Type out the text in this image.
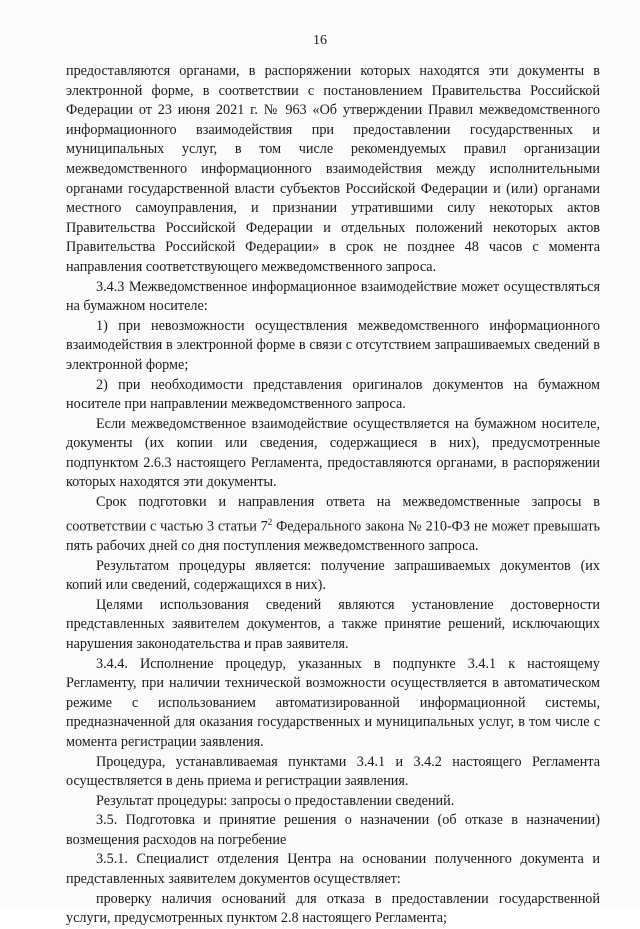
16

предоставляются органами, в распоряжении которых находятся эти документы в электронной форме, в соответствии с постановлением Правительства Российской Федерации от 23 июня 2021 г. № 963 «Об утверждении Правил межведомственного информационного взаимодействия при предоставлении государственных и муниципальных услуг, в том числе рекомендуемых правил организации межведомственного информационного взаимодействия между исполнительными органами государственной власти субъектов Российской Федерации и (или) органами местного самоуправления, и признании утратившими силу некоторых актов Правительства Российской Федерации и отдельных положений некоторых актов Правительства Российской Федерации» в срок не позднее 48 часов с момента направления соответствующего межведомственного запроса.

3.4.3 Межведомственное информационное взаимодействие может осуществляться на бумажном носителе:

1) при невозможности осуществления межведомственного информационного взаимодействия в электронной форме в связи с отсутствием запрашиваемых сведений в электронной форме;

2) при необходимости представления оригиналов документов на бумажном носителе при направлении межведомственного запроса.

Если межведомственное взаимодействие осуществляется на бумажном носителе, документы (их копии или сведения, содержащиеся в них), предусмотренные подпунктом 2.6.3 настоящего Регламента, предоставляются органами, в распоряжении которых находятся эти документы.

Срок подготовки и направления ответа на межведомственные запросы в соответствии с частью 3 статьи $7^2$ Федерального закона № 210-ФЗ не может превышать пять рабочих дней со дня поступления межведомственного запроса.

Результатом процедуры является: получение запрашиваемых документов (их копий или сведений, содержащихся в них).

Целями использования сведений являются установление достоверности представленных заявителем документов, а также принятие решений, исключающих нарушения законодательства и прав заявителя.

3.4.4. Исполнение процедур, указанных в подпункте 3.4.1 к настоящему Регламенту, при наличии технической возможности осуществляется в автоматическом режиме с использованием автоматизированной информационной системы, предназначенной для оказания государственных и муниципальных услуг, в том числе с момента регистрации заявления.

Процедура, устанавливаемая пунктами 3.4.1 и 3.4.2 настоящего Регламента осуществляется в день приема и регистрации заявления.

Результат процедуры: запросы о предоставлении сведений.

3.5. Подготовка и принятие решения о назначении (об отказе в назначении) возмещения расходов на погребение

3.5.1. Специалист отделения Центра на основании полученного документа и представленных заявителем документов осуществляет:

проверку наличия оснований для отказа в предоставлении государственной услуги, предусмотренных пунктом 2.8 настоящего Регламента;
